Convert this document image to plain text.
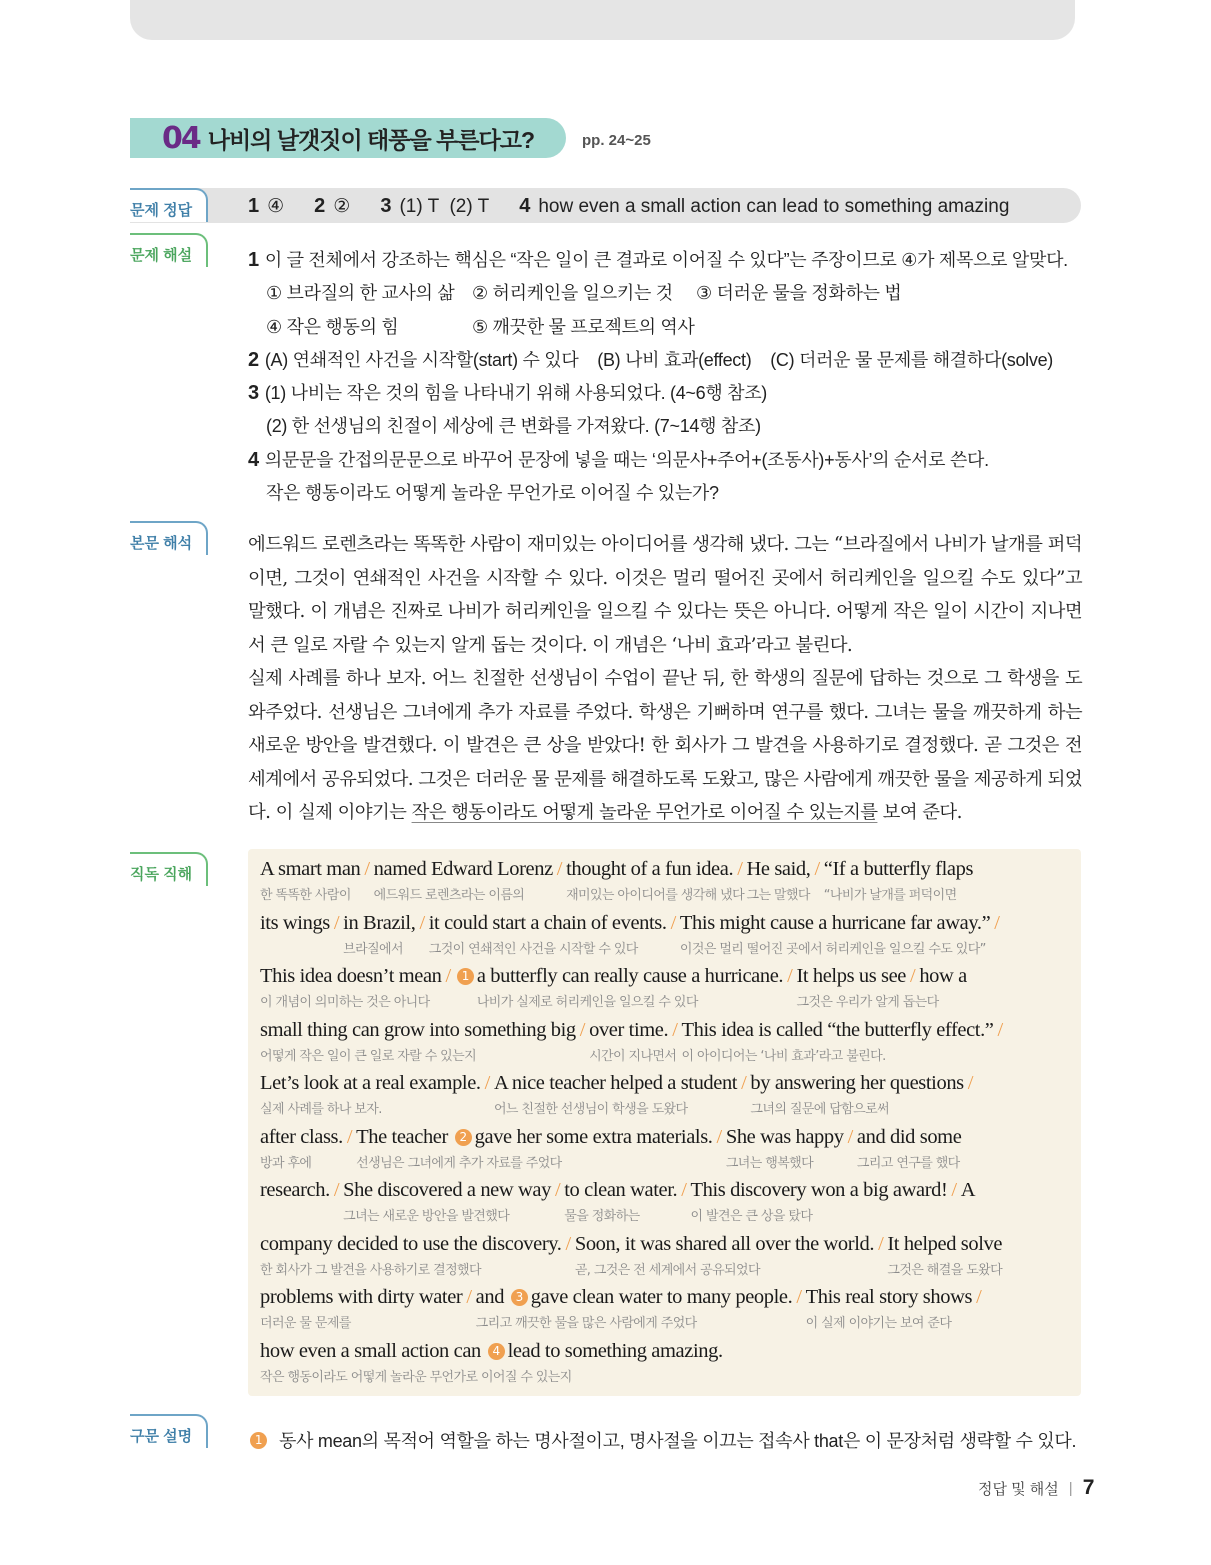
04 나비의 날갯짓이 태풍을 부른다고?	pp. 24~25
문제 정답	1 ④ 2 ② 3 (1) T  (2) T 4 how even a small action can lead to something amazing
문제 해설	1 이 글 전체에서 강조하는 핵심은 “작은 일이 큰 결과로 이어질 수 있다”는 주장이므로 ④가 제목으로 알맞다.
① 브라질의 한 교사의 삶 ② 허리케인을 일으키는 것	③ 더러운 물을 정화하는 법
④ 작은 행동의 힘	⑤ 깨끗한 물 프로젝트의 역사
2 (A) 연쇄적인 사건을 시작할(start) 수 있다    (B) 나비 효과(effect)    (C) 더러운 물 문제를 해결하다(solve)
3 (1) 나비는 작은 것의 힘을 나타내기 위해 사용되었다. (4~6행 참조)
(2) 한 선생님의 친절이 세상에 큰 변화를 가져왔다. (7~14행 참조)
4 의문문을 간접의문문으로 바꾸어 문장에 넣을 때는 ‘의문사+주어+(조동사)+동사’의 순서로 쓴다.
작은 행동이라도 어떻게 놀라운 무언가로 이어질 수 있는가?
본문 해석	에드워드 로렌츠라는 똑똑한 사람이 재미있는 아이디어를 생각해 냈다. 그는 “브라질에서 나비가 날개를 퍼덕이면, 그것이 연쇄적인 사건을 시작할 수 있다. 이것은 멀리 떨어진 곳에서 허리케인을 일으킬 수도 있다”고 말했다. 이 개념은 진짜로 나비가 허리케인을 일으킬 수 있다는 뜻은 아니다. 어떻게 작은 일이 시간이 지나면서 큰 일로 자랄 수 있는지 알게 돕는 것이다. 이 개념은 ‘나비 효과’라고 불린다.

실제 사례를 하나 보자. 어느 친절한 선생님이 수업이 끝난 뒤, 한 학생의 질문에 답하는 것으로 그 학생을 도와주었다. 선생님은 그녀에게 추가 자료를 주었다. 학생은 기뻐하며 연구를 했다. 그녀는 물을 깨끗하게 하는 새로운 방안을 발견했다. 이 발견은 큰 상을 받았다! 한 회사가 그 발견을 사용하기로 결정했다. 곧 그것은 전 세계에서 공유되었다. 그것은 더러운 물 문제를 해결하도록 도왔고, 많은 사람에게 깨끗한 물을 제공하게 되었다. 이 실제 이야기는 작은 행동이라도 어떻게 놀라운 무언가로 이어질 수 있는지를 보여 준다.

직독 직해	A smart man
한 똑똑한 사람이
/ named Edward Lorenz
에드워드 로렌츠라는 이름의
/ thought of a fun idea.
재미있는 아이디어를 생각해 냈다
/ He said,
그는 말했다
/ “If a butterfly flaps
“나비가 날개를 퍼덕이면
its wings / in Brazil,
브라질에서
/ it could start a chain of events.
그것이 연쇄적인 사건을 시작할 수 있다
/ This might cause a hurricane far away.”
이것은 멀리 떨어진 곳에서 허리케인을 일으킬 수도 있다”
/
This idea doesn’t mean
이 개념이 의미하는 것은 아니다
/ 1 a butterfly can really cause a hurricane.
나비가 실제로 허리케인을 일으킬 수 있다
/ It helps us see
그것은 우리가 알게 돕는다
/ how a
small thing can grow into something big
어떻게 작은 일이 큰 일로 자랄 수 있는지
/ over time.
시간이 지나면서
/ This idea is called “the butterfly effect.”
이 아이디어는 ‘나비 효과’라고 불린다.
/
Let’s look at a real example.
실제 사례를 하나 보자.
/ A nice teacher helped a student
어느 친절한 선생님이 학생을 도왔다
/ by answering her questions
그녀의 질문에 답함으로써
/
after class.
방과 후에
/ The teacher
선생님은 그녀에게 추가 자료를 주었다
2 gave her some extra materials. / She was happy
그녀는 행복했다
/ and did some
그리고 연구를 했다
research. / She discovered a new way
그녀는 새로운 방안을 발견했다
/ to clean water.
물을 정화하는
/ This discovery won a big award!
이 발견은 큰 상을 탔다
/ A
company decided to use the discovery.
한 회사가 그 발견을 사용하기로 결정했다
/ Soon, it was shared all over the world.
곧, 그것은 전 세계에서 공유되었다
/ It helped solve
그것은 해결을 도왔다
problems with dirty water
더러운 물 문제를
/ and
그리고 깨끗한 물을 많은 사람에게 주었다
3 gave clean water to many people. / This real story shows
이 실제 이야기는 보여 준다
/
how even a small action can
작은 행동이라도 어떻게 놀라운 무언가로 이어질 수 있는지
4 lead to something amazing.
구문 설명	1 동사 mean의 목적어 역할을 하는 명사절이고, 명사절을 이끄는 접속사 that은 이 문장처럼 생략할 수 있다.
정답 및 해설 | 7
